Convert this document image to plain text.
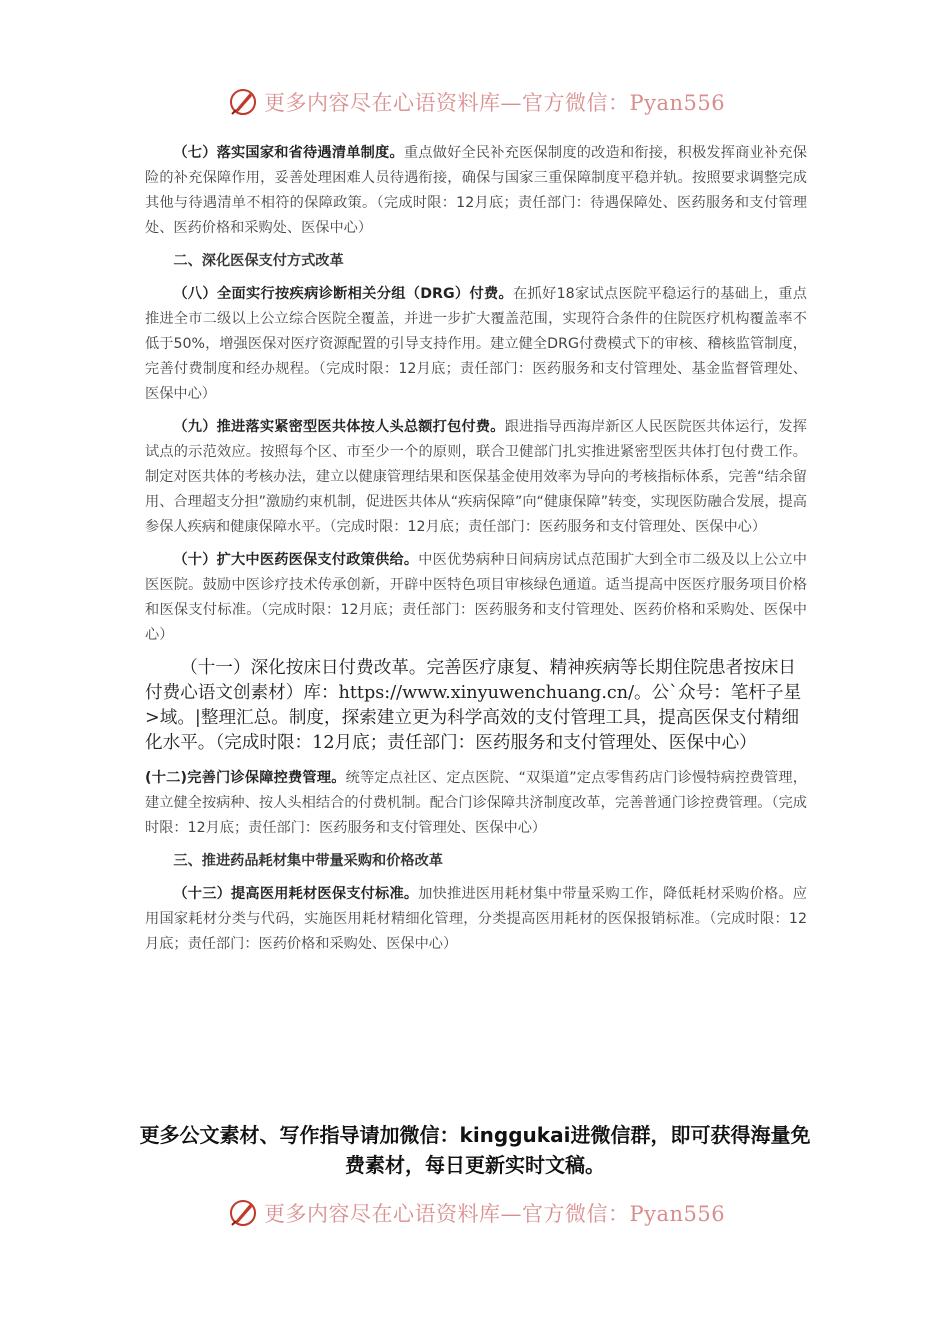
更多内容尽在心语资料库—官方微信：Pyan556

（七）落实国家和省待遇清单制度。重点做好全民补充医保制度的改造和衔接，积极发挥商业补充保险的补充保障作用，妥善处理困难人员待遇衔接，确保与国家三重保障制度平稳并轨。按照要求调整完成其他与待遇清单不相符的保障政策。（完成时限：12月底；责任部门：待遇保障处、医药服务和支付管理处、医药价格和采购处、医保中心）

二、深化医保支付方式改革

（八）全面实行按疾病诊断相关分组（DRG）付费。在抓好18家试点医院平稳运行的基础上，重点推进全市二级以上公立综合医院全覆盖，并进一步扩大覆盖范围，实现符合条件的住院医疗机构覆盖率不低于50%，增强医保对医疗资源配置的引导支持作用。建立健全DRG付费模式下的审核、稽核监管制度，完善付费制度和经办规程。（完成时限：12月底；责任部门：医药服务和支付管理处、基金监督管理处、医保中心）

（九）推进落实紧密型医共体按人头总额打包付费。跟进指导西海岸新区人民医院医共体运行，发挥试点的示范效应。按照每个区、市至少一个的原则，联合卫健部门扎实推进紧密型医共体打包付费工作。制定对医共体的考核办法，建立以健康管理结果和医保基金使用效率为导向的考核指标体系，完善“结余留用、合理超支分担”激励约束机制，促进医共体从“疾病保障”向“健康保障”转变，实现医防融合发展，提高参保人疾病和健康保障水平。（完成时限：12月底；责任部门：医药服务和支付管理处、医保中心）

（十）扩大中医药医保支付政策供给。中医优势病种日间病房试点范围扩大到全市二级及以上公立中医医院。鼓励中医诊疗技术传承创新，开辟中医特色项目审核绿色通道。适当提高中医医疗服务项目价格和医保支付标准。（完成时限：12月底；责任部门：医药服务和支付管理处、医药价格和采购处、医保中心）

（十一）深化按床日付费改革。完善医疗康复、精神疾病等长期住院患者按床日付费心语文创素材）库：https://www.xinyuwenchuang.cn/。公`众号：笔杆子星>域。|整理汇总。制度，探索建立更为科学高效的支付管理工具，提高医保支付精细化水平。（完成时限：12月底；责任部门：医药服务和支付管理处、医保中心）

(十二)完善门诊保障控费管理。统等定点社区、定点医院、“双渠道”定点零售药店门诊慢特病控费管理，建立健全按病种、按人头相结合的付费机制。配合门诊保障共济制度改革，完善普通门诊控费管理。（完成时限：12月底；责任部门：医药服务和支付管理处、医保中心）

三、推进药品耗材集中带量采购和价格改革

（十三）提高医用耗材医保支付标准。加快推进医用耗材集中带量采购工作，降低耗材采购价格。应用国家耗材分类与代码，实施医用耗材精细化管理，分类提高医用耗材的医保报销标准。（完成时限：12月底；责任部门：医药价格和采购处、医保中心）

更多公文素材、写作指导请加微信：kinggukai进微信群，即可获得海量免费素材，每日更新实时文稿。
更多内容尽在心语资料库—官方微信：Pyan556
